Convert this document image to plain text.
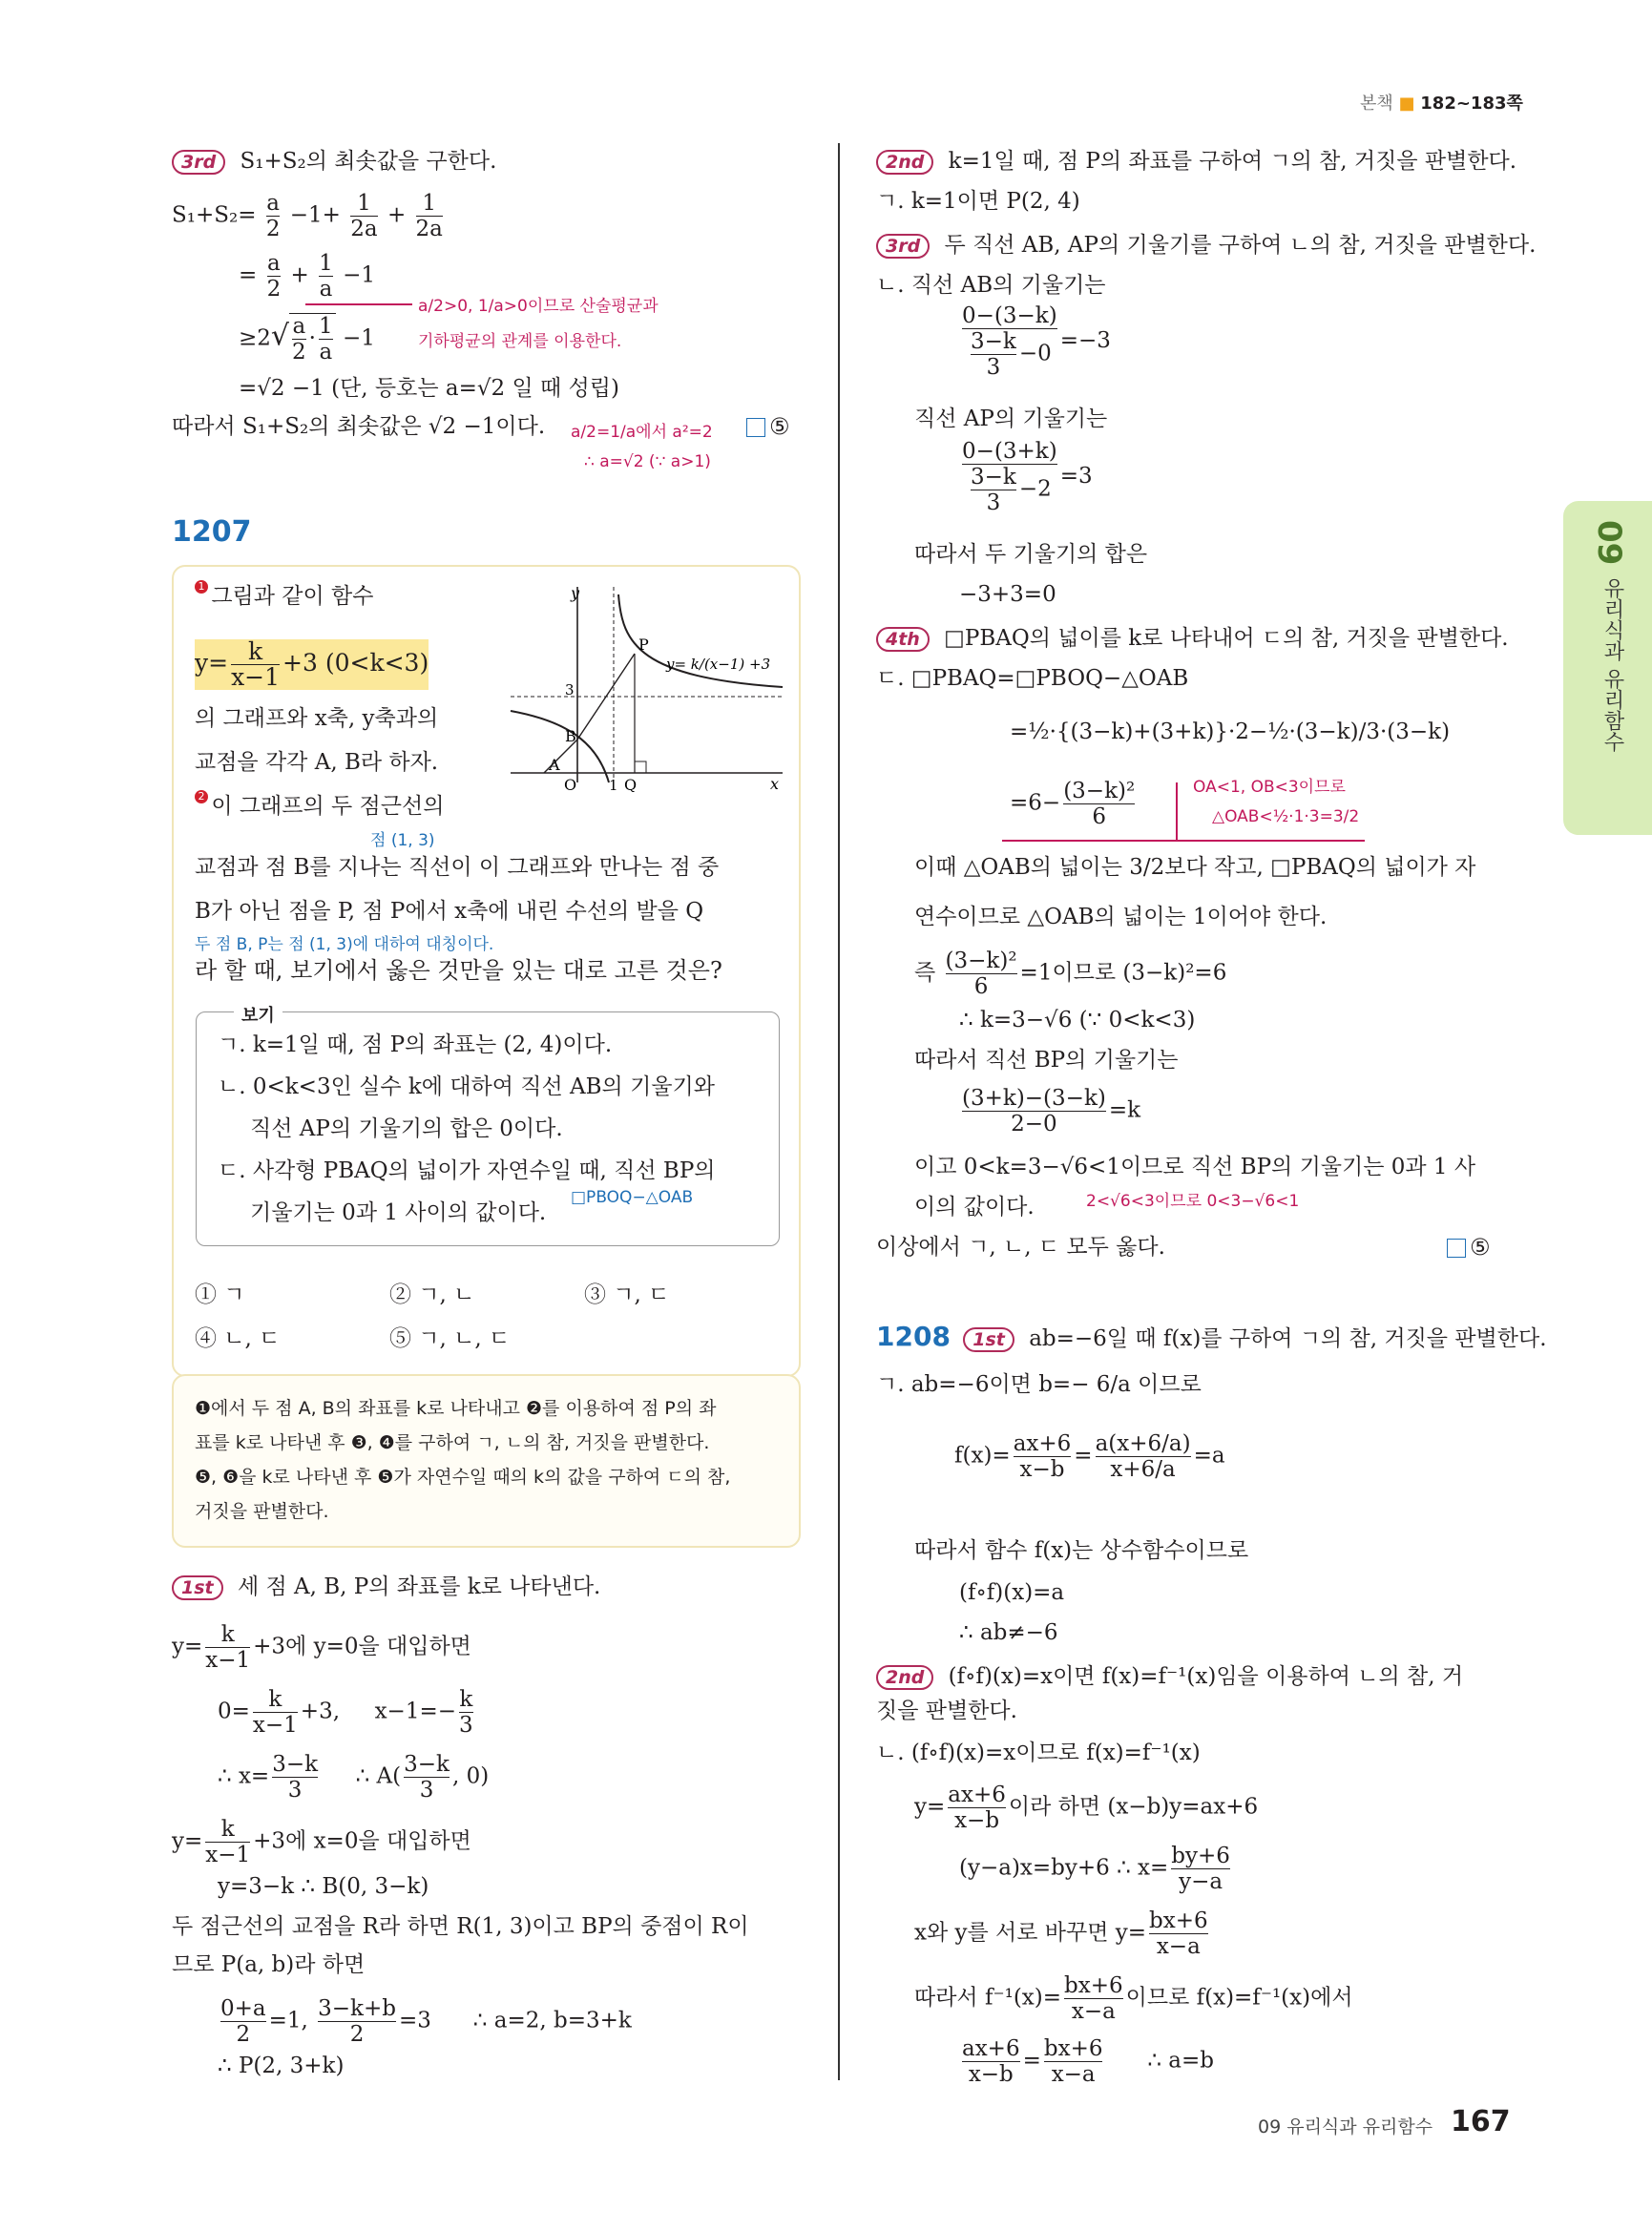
본책 ■ 182~183쪽
09
유리식과 유리함수
3rd S₁+S₂의 최솟값을 구한다.
$S_1+S_2= \frac{a}{2} -1+ \frac{1}{2a} + \frac{1}{2a}$
= $\frac{a}{2} + \frac{1}{a} -1$
$\ge 2√ \frac{a}{2} \cdot \frac{1}{a} -1$
a/2>0, 1/a>0이므로 산술평균과
기하평균의 관계를 이용한다.
=√2 −1 (단, 등호는 a=√2 일 때 성립)
따라서 S₁+S₂의 최솟값은 √2 −1이다. a/2=1/a에서 a²=2
∴ a=√2 (∵ a>1)
⑤
1207
1 그림과 같이 함수
$y= \frac{k}{x-1} +3$ (0<k<3)
의 그래프와 x축, y축과의
교점을 각각 A, B라 하자.
2 이 그래프의 두 점근선의
점 (1, 3)
교점과 점 B를 지나는 직선이 이 그래프와 만나는 점 중
B가 아닌 점을 P, 점 P에서 x축에 내린 수선의 발을 Q
두 점 B, P는 점 (1, 3)에 대하여 대칭이다.
라 할 때, 보기에서 옳은 것만을 있는 대로 고른 것은?
y
x
P
A
B
O 1 Q
3
y= k/(x−1) +3
보기
ㄱ. k=1일 때, 점 P의 좌표는 (2, 4)이다.
ㄴ. 0<k<3인 실수 k에 대하여 직선 AB의 기울기와
직선 AP의 기울기의 합은 0이다.
ㄷ. 사각형 PBAQ의 넓이가 자연수일 때, 직선 BP의
기울기는 0과 1 사이의 값이다.
□PBOQ−△OAB
① ㄱ	② ㄱ, ㄴ	③ ㄱ, ㄷ
④ ㄴ, ㄷ	⑤ ㄱ, ㄴ, ㄷ
❶에서 두 점 A, B의 좌표를 k로 나타내고 ❷를 이용하여 점 P의 좌
표를 k로 나타낸 후 ❸, ❹를 구하여 ㄱ, ㄴ의 참, 거짓을 판별한다.
❺, ❻을 k로 나타낸 후 ❺가 자연수일 때의 k의 값을 구하여 ㄷ의 참,
거짓을 판별한다.
1st 세 점 A, B, P의 좌표를 k로 나타낸다.
$y= \frac{k}{x-1} +3$에 y=0을 대입하면
$0= \frac{k}{x-1} +3$, $x-1=- \frac{k}{3}$
∴ $x= \frac{3-k}{3}$ ∴ $A( \frac{3-k}{3}$ , 0)
$y= \frac{k}{x-1} +3$에 x=0을 대입하면
y=3−k ∴ B(0, 3−k)
두 점근선의 교점을 R라 하면 R(1, 3)이고 BP의 중점이 R이
므로 P(a, b)라 하면
$\frac{0+a}{2} =1$, $\frac{3-k+b}{2} =3$ ∴ a=2, b=3+k
∴ P(2, 3+k)
2nd k=1일 때, 점 P의 좌표를 구하여 ㄱ의 참, 거짓을 판별한다.
ㄱ. k=1이면 P(2, 4)
3rd 두 직선 AB, AP의 기울기를 구하여 ㄴ의 참, 거짓을 판별한다.
ㄴ. 직선 AB의 기울기는
$\frac{0-(3-k)}{\frac{3-k}{3} -0} =-3$
직선 AP의 기울기는
$\frac{0-(3+k)}{\frac{3-k}{3} -2} =3$
따라서 두 기울기의 합은
−3+3=0
4th □PBAQ의 넓이를 k로 나타내어 ㄷ의 참, 거짓을 판별한다.
ㄷ. □PBAQ=□PBOQ−△OAB
=½·{(3−k)+(3+k)}·2−½·(3−k)/3·(3−k)
$=6- \frac{\text{(3−k)²}}{6}$	OA<1, OB<3이므로
△OAB<½·1·3=3/2
이때 △OAB의 넓이는 3/2보다 작고, □PBAQ의 넓이가 자
연수이므로 △OAB의 넓이는 1이어야 한다.
즉 $\frac{\text{(3−k)²}}{6} =1$이므로 (3−k)²=6
∴ k=3−√6 (∵ 0<k<3)
따라서 직선 BP의 기울기는
$\frac{(3+k)-(3-k)}{2-0} =k$
이고 0<k=3−√6<1이므로 직선 BP의 기울기는 0과 1 사
2<√6<3이므로 0<3−√6<1
이의 값이다.
이상에서 ㄱ, ㄴ, ㄷ 모두 옳다.	⑤
1208 1st ab=−6일 때 f(x)를 구하여 ㄱ의 참, 거짓을 판별한다.
ㄱ. ab=−6이면 b=− 6/a 이므로
$f(x)= \frac{ax+6}{x-b} = \frac{a(x+6/a)}{x+6/a} =a$
따라서 함수 f(x)는 상수함수이므로
(f∘f)(x)=a
∴ ab≠−6
2nd (f∘f)(x)=x이면 f(x)=f⁻¹(x)임을 이용하여 ㄴ의 참, 거
짓을 판별한다.
ㄴ. (f∘f)(x)=x이므로 f(x)=f⁻¹(x)
$y= \frac{ax+6}{x-b}$ 이라 하면 (x−b)y=ax+6
(y−a)x=by+6 ∴ $x= \frac{by+6}{y-a}$
x와 y를 서로 바꾸면 $y= \frac{bx+6}{x-a}$
따라서 $f^{-1}(x)= \frac{bx+6}{x-a}$ 이므로 f(x)=f⁻¹(x)에서
$\frac{ax+6}{x-b} = \frac{bx+6}{x-a}$ ∴ a=b
09 유리식과 유리함수 167
